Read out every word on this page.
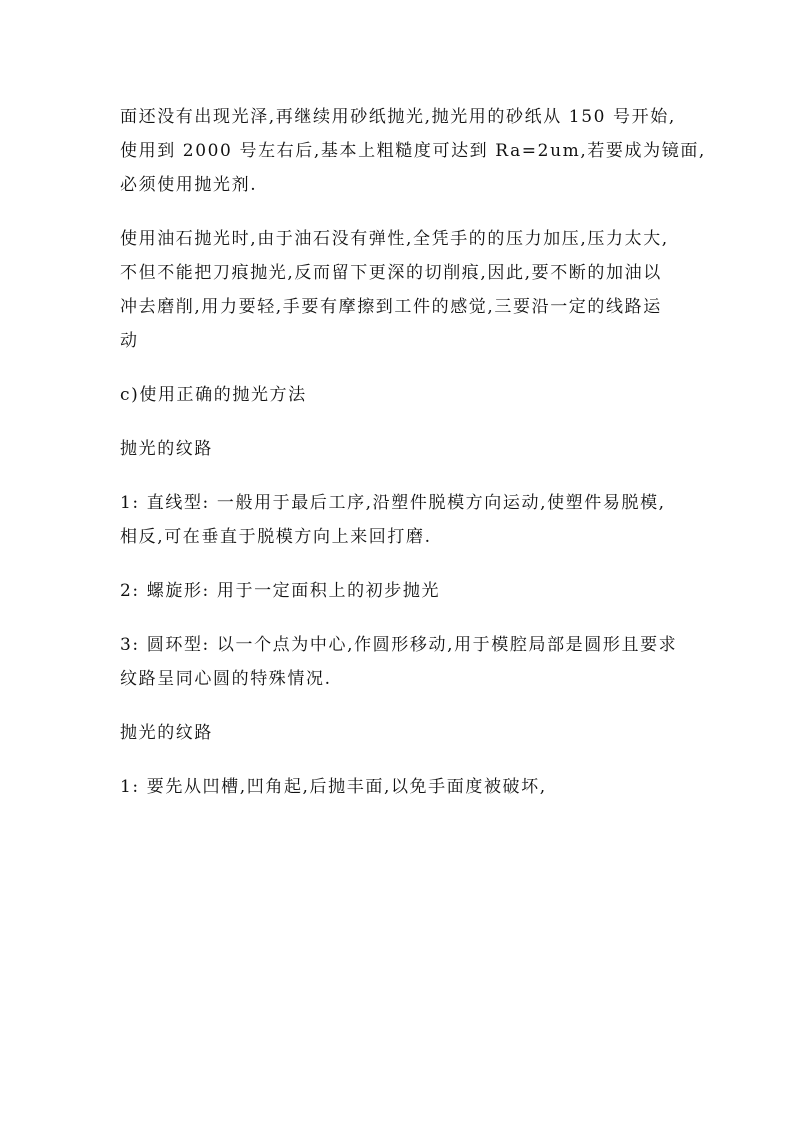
面还没有出现光泽,再继续用砂纸抛光,抛光用的砂纸从 150 号开始,
使用到 2000 号左右后,基本上粗糙度可达到 Ra=2um,若要成为镜面,
必须使用抛光剂.

使用油石抛光时,由于油石没有弹性,全凭手的的压力加压,压力太大,
不但不能把刀痕抛光,反而留下更深的切削痕,因此,要不断的加油以
冲去磨削,用力要轻,手要有摩擦到工件的感觉,三要沿一定的线路运
动

c)使用正确的抛光方法

抛光的纹路

1: 直线型: 一般用于最后工序,沿塑件脱模方向运动,使塑件易脱模,
相反,可在垂直于脱模方向上来回打磨.

2: 螺旋形: 用于一定面积上的初步抛光

3: 圆环型: 以一个点为中心,作圆形移动,用于模腔局部是圆形且要求
纹路呈同心圆的特殊情况.

抛光的纹路

1: 要先从凹槽,凹角起,后抛丰面,以免手面度被破坏,
